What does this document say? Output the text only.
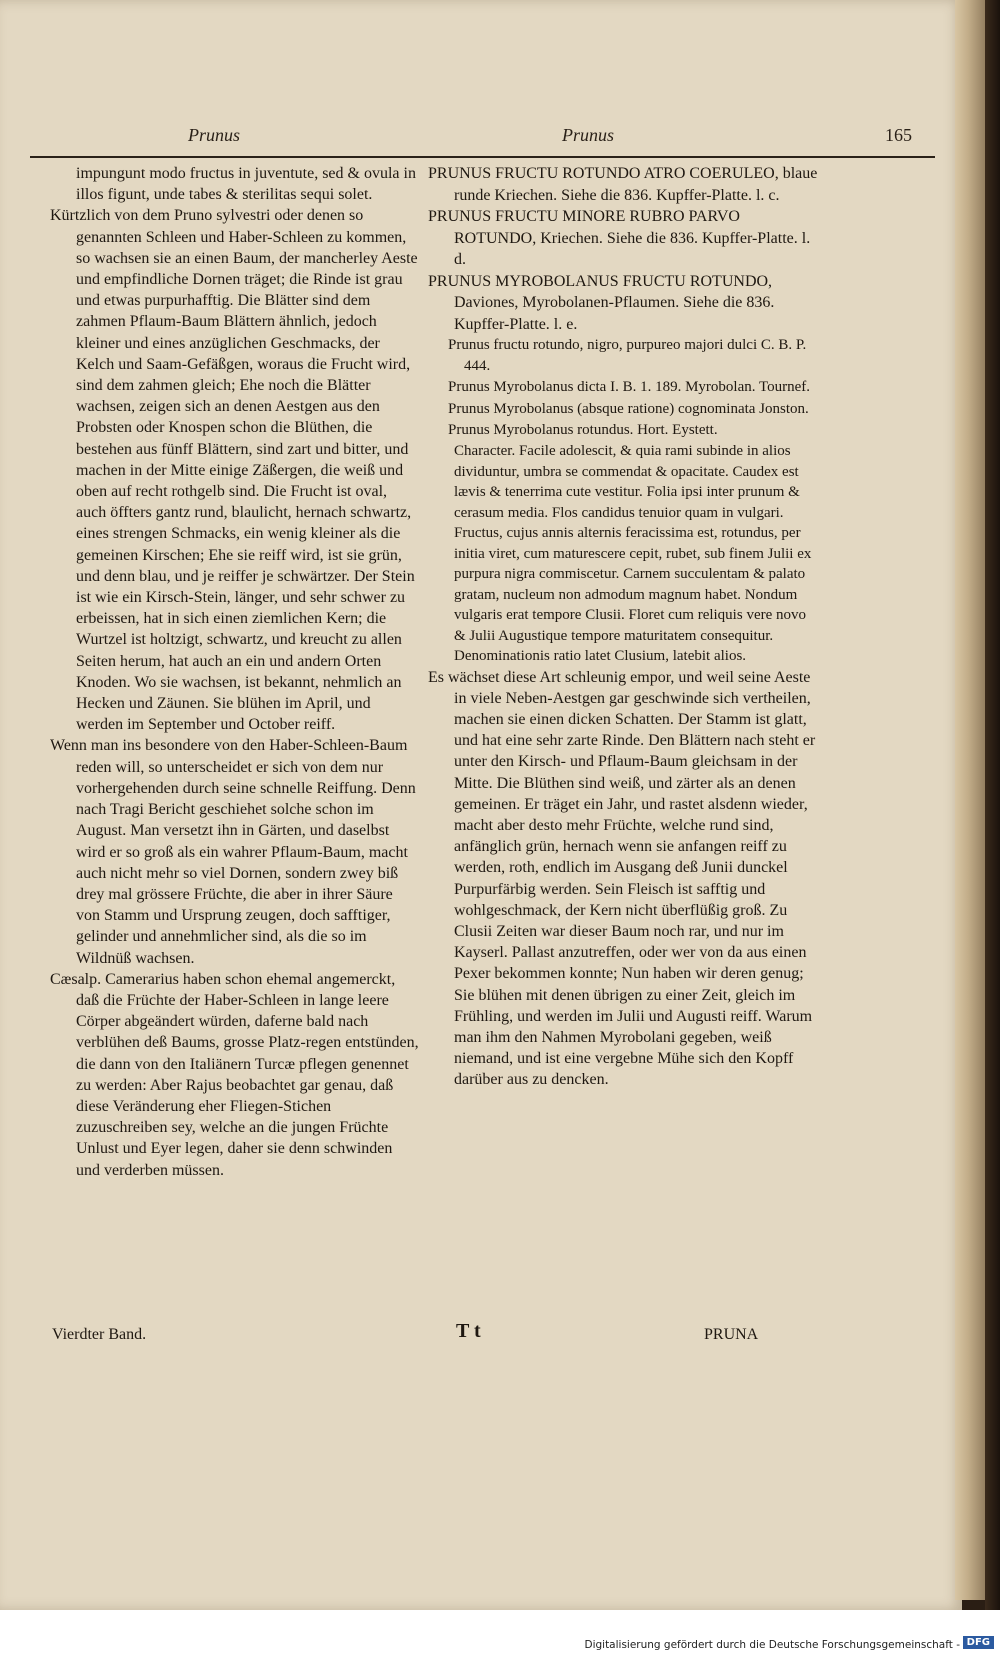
Prunus	Prunus	165

impungunt modo fructus in juventute, sed & ovula in illos figunt, unde tabes & sterilitas sequi solet.

Kürtzlich von dem Pruno sylvestri oder denen so genannten Schleen und Haber-Schleen zu kommen, so wachsen sie an einen Baum, der mancherley Aeste und empfindliche Dornen träget; die Rinde ist grau und etwas purpurhafftig. Die Blätter sind dem zahmen Pflaum-Baum Blättern ähnlich, jedoch kleiner und eines anzüglichen Geschmacks, der Kelch und Saam-Gefäßgen, woraus die Frucht wird, sind dem zahmen gleich; Ehe noch die Blätter wachsen, zeigen sich an denen Aestgen aus den Probsten oder Knospen schon die Blüthen, die bestehen aus fünff Blättern, sind zart und bitter, und machen in der Mitte einige Zäßergen, die weiß und oben auf recht rothgelb sind. Die Frucht ist oval, auch öffters gantz rund, blaulicht, hernach schwartz, eines strengen Schmacks, ein wenig kleiner als die gemeinen Kirschen; Ehe sie reiff wird, ist sie grün, und denn blau, und je reiffer je schwärtzer. Der Stein ist wie ein Kirsch-Stein, länger, und sehr schwer zu erbeissen, hat in sich einen ziemlichen Kern; die Wurtzel ist holtzigt, schwartz, und kreucht zu allen Seiten herum, hat auch an ein und andern Orten Knoden. Wo sie wachsen, ist bekannt, nehmlich an Hecken und Zäunen. Sie blühen im April, und werden im September und October reiff.

Wenn man ins besondere von den Haber-Schleen-Baum reden will, so unterscheidet er sich von dem nur vorhergehenden durch seine schnelle Reiffung. Denn nach Tragi Bericht geschiehet solche schon im August. Man versetzt ihn in Gärten, und daselbst wird er so groß als ein wahrer Pflaum-Baum, macht auch nicht mehr so viel Dornen, sondern zwey biß drey mal grössere Früchte, die aber in ihrer Säure von Stamm und Ursprung zeugen, doch safftiger, gelinder und annehmlicher sind, als die so im Wildnüß wachsen.

Cæsalp. Camerarius haben schon ehemal angemerckt, daß die Früchte der Haber-Schleen in lange leere Cörper abgeändert würden, daferne bald nach verblühen deß Baums, grosse Platz-regen entstünden, die dann von den Italiänern Turcæ pflegen genennet zu werden: Aber Rajus beobachtet gar genau, daß diese Veränderung eher Fliegen-Stichen zuzuschreiben sey, welche an die jungen Früchte Unlust und Eyer legen, daher sie denn schwinden und verderben müssen.

PRUNUS FRUCTU ROTUNDO ATRO COERULEO, blaue runde Kriechen. Siehe die 836. Kupffer-Platte. l. c.

PRUNUS FRUCTU MINORE RUBRO PARVO ROTUNDO, Kriechen. Siehe die 836. Kupffer-Platte. l. d.

PRUNUS MYROBOLANUS FRUCTU ROTUNDO, Daviones, Myrobolanen-Pflaumen. Siehe die 836. Kupffer-Platte. l. e.

Prunus fructu rotundo, nigro, purpureo majori dulci C. B. P. 444.

Prunus Myrobolanus dicta I. B. 1. 189. Myrobolan. Tournef.

Prunus Myrobolanus (absque ratione) cognominata Jonston.

Prunus Myrobolanus rotundus. Hort. Eystett.

Character. Facile adolescit, & quia rami subinde in alios dividuntur, umbra se commendat & opacitate. Caudex est lævis & tenerrima cute vestitur. Folia ipsi inter prunum & cerasum media. Flos candidus tenuior quam in vulgari. Fructus, cujus annis alternis feracissima est, rotundus, per initia viret, cum maturescere cepit, rubet, sub finem Julii ex purpura nigra commiscetur. Carnem succulentam & palato gratam, nucleum non admodum magnum habet. Nondum vulgaris erat tempore Clusii. Floret cum reliquis vere novo & Julii Augustique tempore maturitatem consequitur. Denominationis ratio latet Clusium, latebit alios.

Es wächset diese Art schleunig empor, und weil seine Aeste in viele Neben-Aestgen gar geschwinde sich vertheilen, machen sie einen dicken Schatten. Der Stamm ist glatt, und hat eine sehr zarte Rinde. Den Blättern nach steht er unter den Kirsch- und Pflaum-Baum gleichsam in der Mitte. Die Blüthen sind weiß, und zärter als an denen gemeinen. Er träget ein Jahr, und rastet alsdenn wieder, macht aber desto mehr Früchte, welche rund sind, anfänglich grün, hernach wenn sie anfangen reiff zu werden, roth, endlich im Ausgang deß Junii dunckel Purpurfärbig werden. Sein Fleisch ist safftig und wohlgeschmack, der Kern nicht überflüßig groß. Zu Clusii Zeiten war dieser Baum noch rar, und nur im Kayserl. Pallast anzutreffen, oder wer von da aus einen Pexer bekommen konnte; Nun haben wir deren genug; Sie blühen mit denen übrigen zu einer Zeit, gleich im Frühling, und werden im Julii und Augusti reiff. Warum man ihm den Nahmen Myrobolani gegeben, weiß niemand, und ist eine vergebne Mühe sich den Kopff darüber aus zu dencken.

Vierdter Band.	T t	PRUNA
Digitalisierung gefördert durch die Deutsche Forschungsgemeinschaft - DFG
